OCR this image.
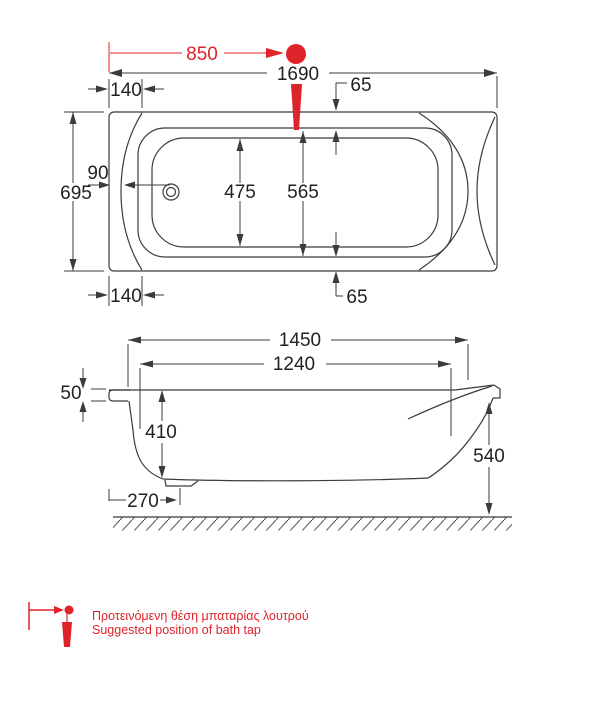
850
1690
140	65
695
90
475 565
65
140
1450
1240
50
410
270
540
Προτεινόμενη θέση μπαταρίας λουτρού
Suggested position of bath tap
